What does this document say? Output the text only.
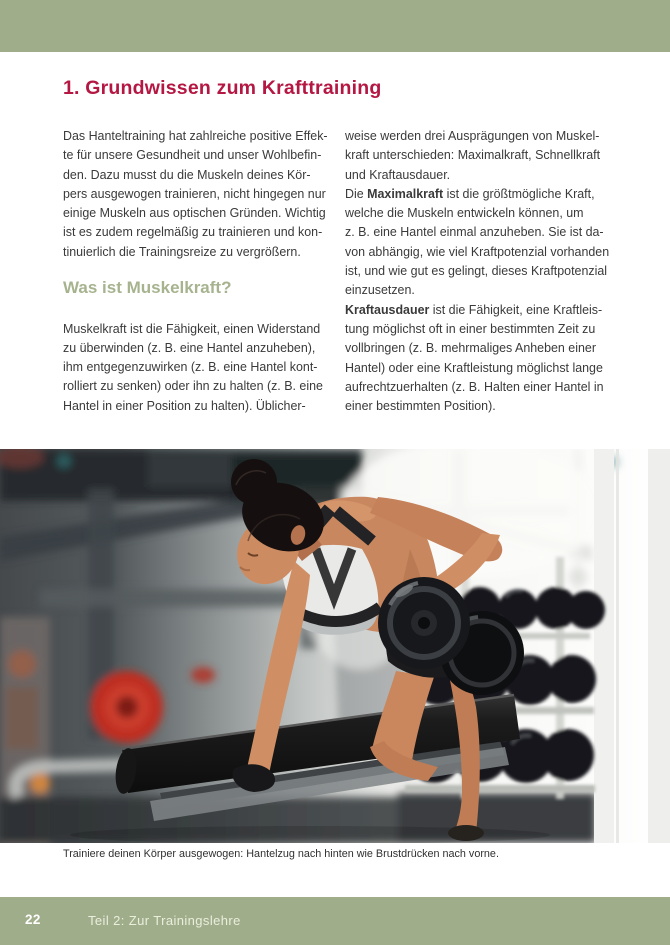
1. Grundwissen zum Krafttraining
Das Hanteltraining hat zahlreiche positive Effek-
te für unsere Gesundheit und unser Wohlbefin-
den. Dazu musst du die Muskeln deines Kör-
pers ausgewogen trainieren, nicht hingegen nur
einige Muskeln aus optischen Gründen. Wichtig
ist es zudem regelmäßig zu trainieren und kon-
tinuierlich die Trainingsreize zu vergrößern.
Was ist Muskelkraft?
Muskelkraft ist die Fähigkeit, einen Widerstand
zu überwinden (z. B. eine Hantel anzuheben),
ihm entgegenzuwirken (z. B. eine Hantel kont-
rolliert zu senken) oder ihn zu halten (z. B. eine
Hantel in einer Position zu halten). Üblicher-
weise werden drei Ausprägungen von Muskel-
kraft unterschieden: Maximalkraft, Schnellkraft
und Kraftausdauer.
Die Maximalkraft ist die größtmögliche Kraft,
welche die Muskeln entwickeln können, um
z. B. eine Hantel einmal anzuheben. Sie ist da-
von abhängig, wie viel Kraftpotenzial vorhanden
ist, und wie gut es gelingt, dieses Kraftpotenzial
einzusetzen.
Kraftausdauer ist die Fähigkeit, eine Kraftleis-
tung möglichst oft in einer bestimmten Zeit zu
vollbringen (z. B. mehrmaliges Anheben einer
Hantel) oder eine Kraftleistung möglichst lange
aufrechtzuerhalten (z. B. Halten einer Hantel in
einer bestimmten Position).
Trainiere deinen Körper ausgewogen: Hantelzug nach hinten wie Brustdrücken nach vorne.
22	Teil 2: Zur Trainingslehre
